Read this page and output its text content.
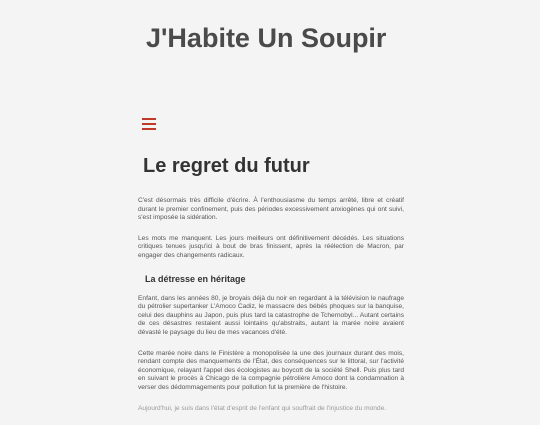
J'Habite Un Soupir
Le regret du futur

C'est désormais très difficile d'écrire. À l'enthousiasme du temps arrêté, libre et créatif durant le premier confinement, puis des périodes excessivement anxiogènes qui ont suivi, s'est imposée la sidération.

Les mots me manquent. Les jours meilleurs ont définitivement décédés. Les situations critiques tenues jusqu'ici à bout de bras finissent, après la réélection de Macron, par engager des changements radicaux.

La détresse en héritage

Enfant, dans les années 80, je broyais déjà du noir en regardant à la télévision le naufrage du pétrolier supertanker L'Amoco Cadiz, le massacre des bébés phoques sur la banquise, celui des dauphins au Japon, puis plus tard la catastrophe de Tchernobyl... Autant certains de ces désastres restaient aussi lointains qu'abstraits, autant la marée noire avaient dévasté le paysage du lieu de mes vacances d'été.

Cette marée noire dans le Finistère a monopolisée la une des journaux durant des mois, rendant compte des manquements de l'État, des conséquences sur le littoral, sur l'activité économique, relayant l'appel des écologistes au boycott de la société Shell. Puis plus tard en suivant le procès à Chicago de la compagnie pétrolière Amoco dont la condamnation à verser des dédommagements pour pollution fut la première de l'histoire.

Aujourd'hui, je suis dans l'état d'esprit de l'enfant qui souffrait de l'injustice du monde.
